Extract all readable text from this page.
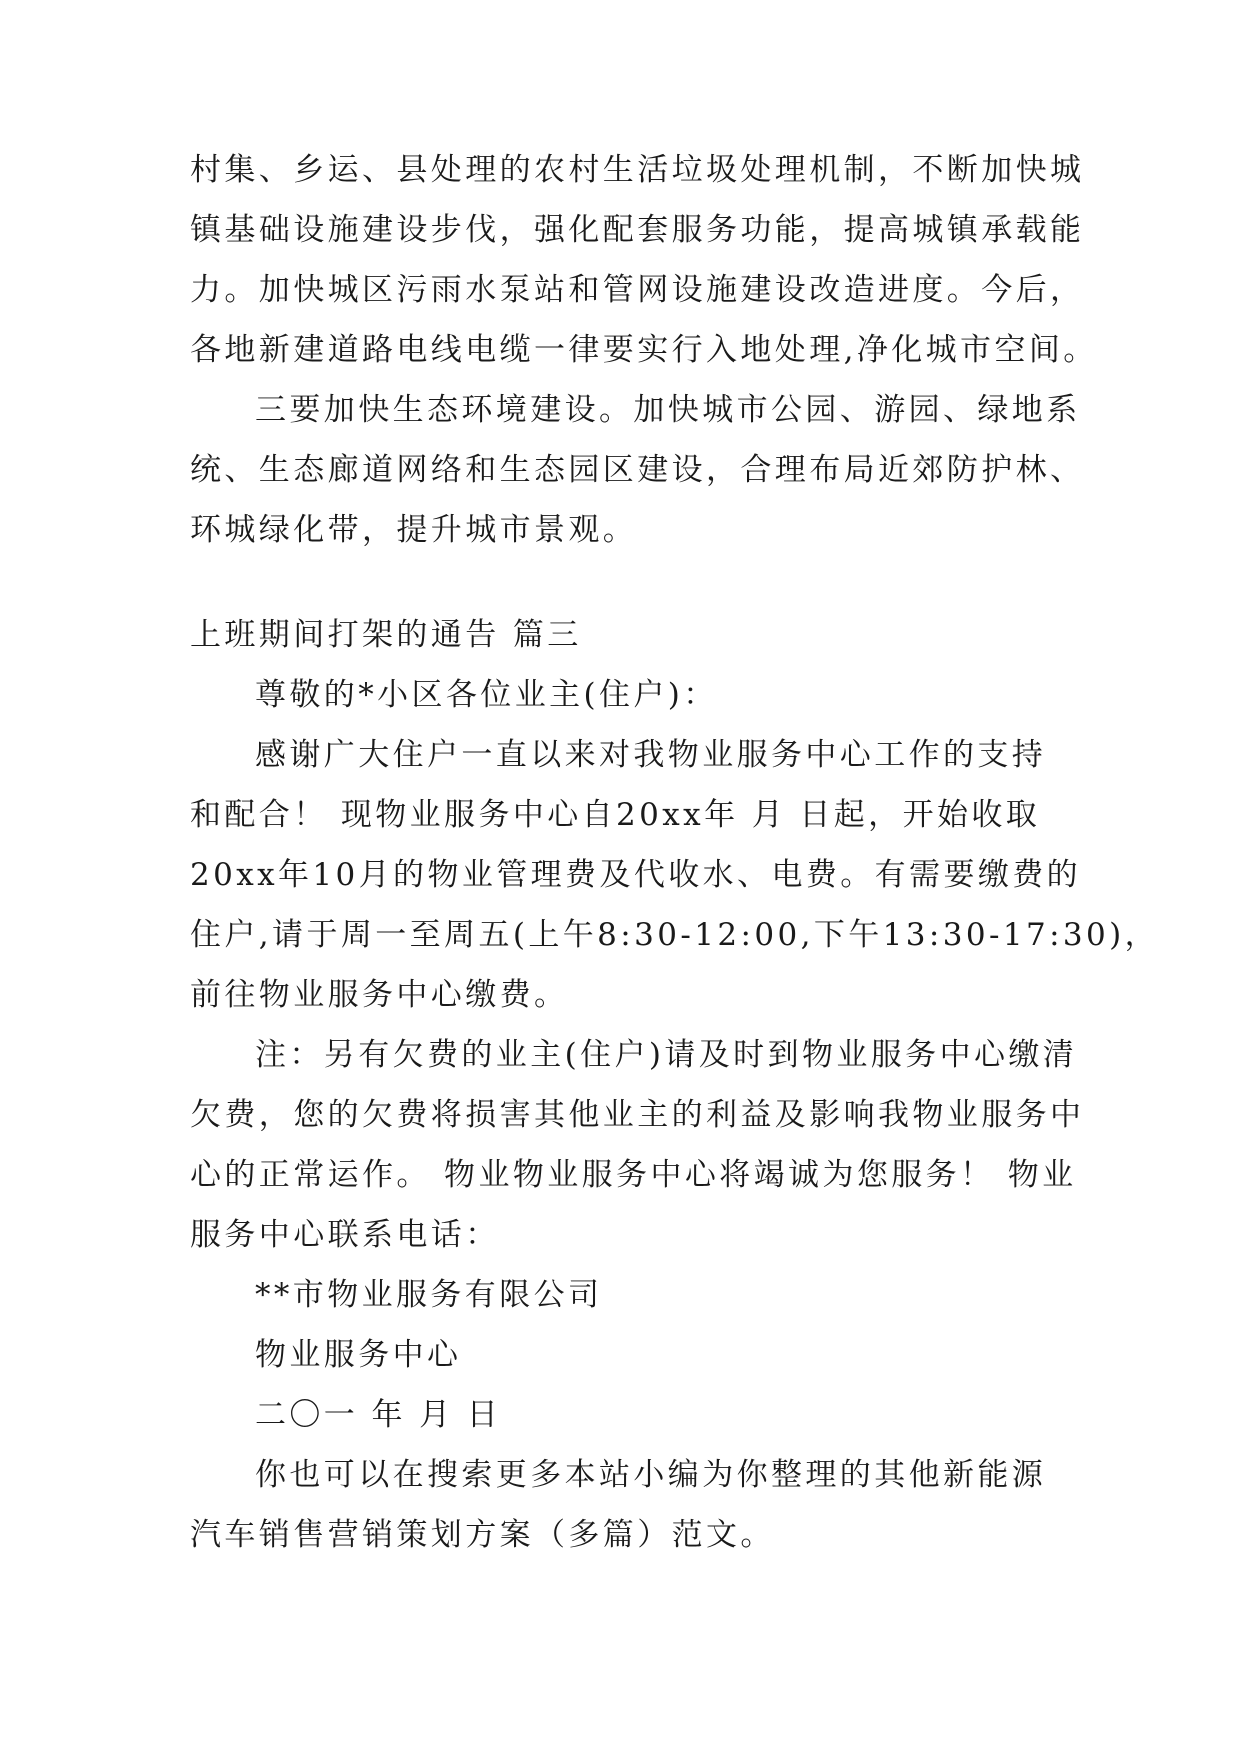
村集、乡运、县处理的农村生活垃圾处理机制，不断加快城
镇基础设施建设步伐，强化配套服务功能，提高城镇承载能
力。加快城区污雨水泵站和管网设施建设改造进度。今后，
各地新建道路电线电缆一律要实行入地处理,净化城市空间。
三要加快生态环境建设。加快城市公园、游园、绿地系
统、生态廊道网络和生态园区建设，合理布局近郊防护林、
环城绿化带，提升城市景观。
上班期间打架的通告 篇三
尊敬的*小区各位业主(住户)：
感谢广大住户一直以来对我物业服务中心工作的支持
和配合！ 现物业服务中心自20xx年 月 日起，开始收取
20xx年10月的物业管理费及代收水、电费。有需要缴费的
住户,请于周一至周五(上午8:30-12:00,下午13:30-17:30)，
前往物业服务中心缴费。
注：另有欠费的业主(住户)请及时到物业服务中心缴清
欠费，您的欠费将损害其他业主的利益及影响我物业服务中
心的正常运作。 物业物业服务中心将竭诚为您服务！ 物业
服务中心联系电话：
**市物业服务有限公司
物业服务中心
二〇一 年 月 日
你也可以在搜索更多本站小编为你整理的其他新能源
汽车销售营销策划方案（多篇）范文。
